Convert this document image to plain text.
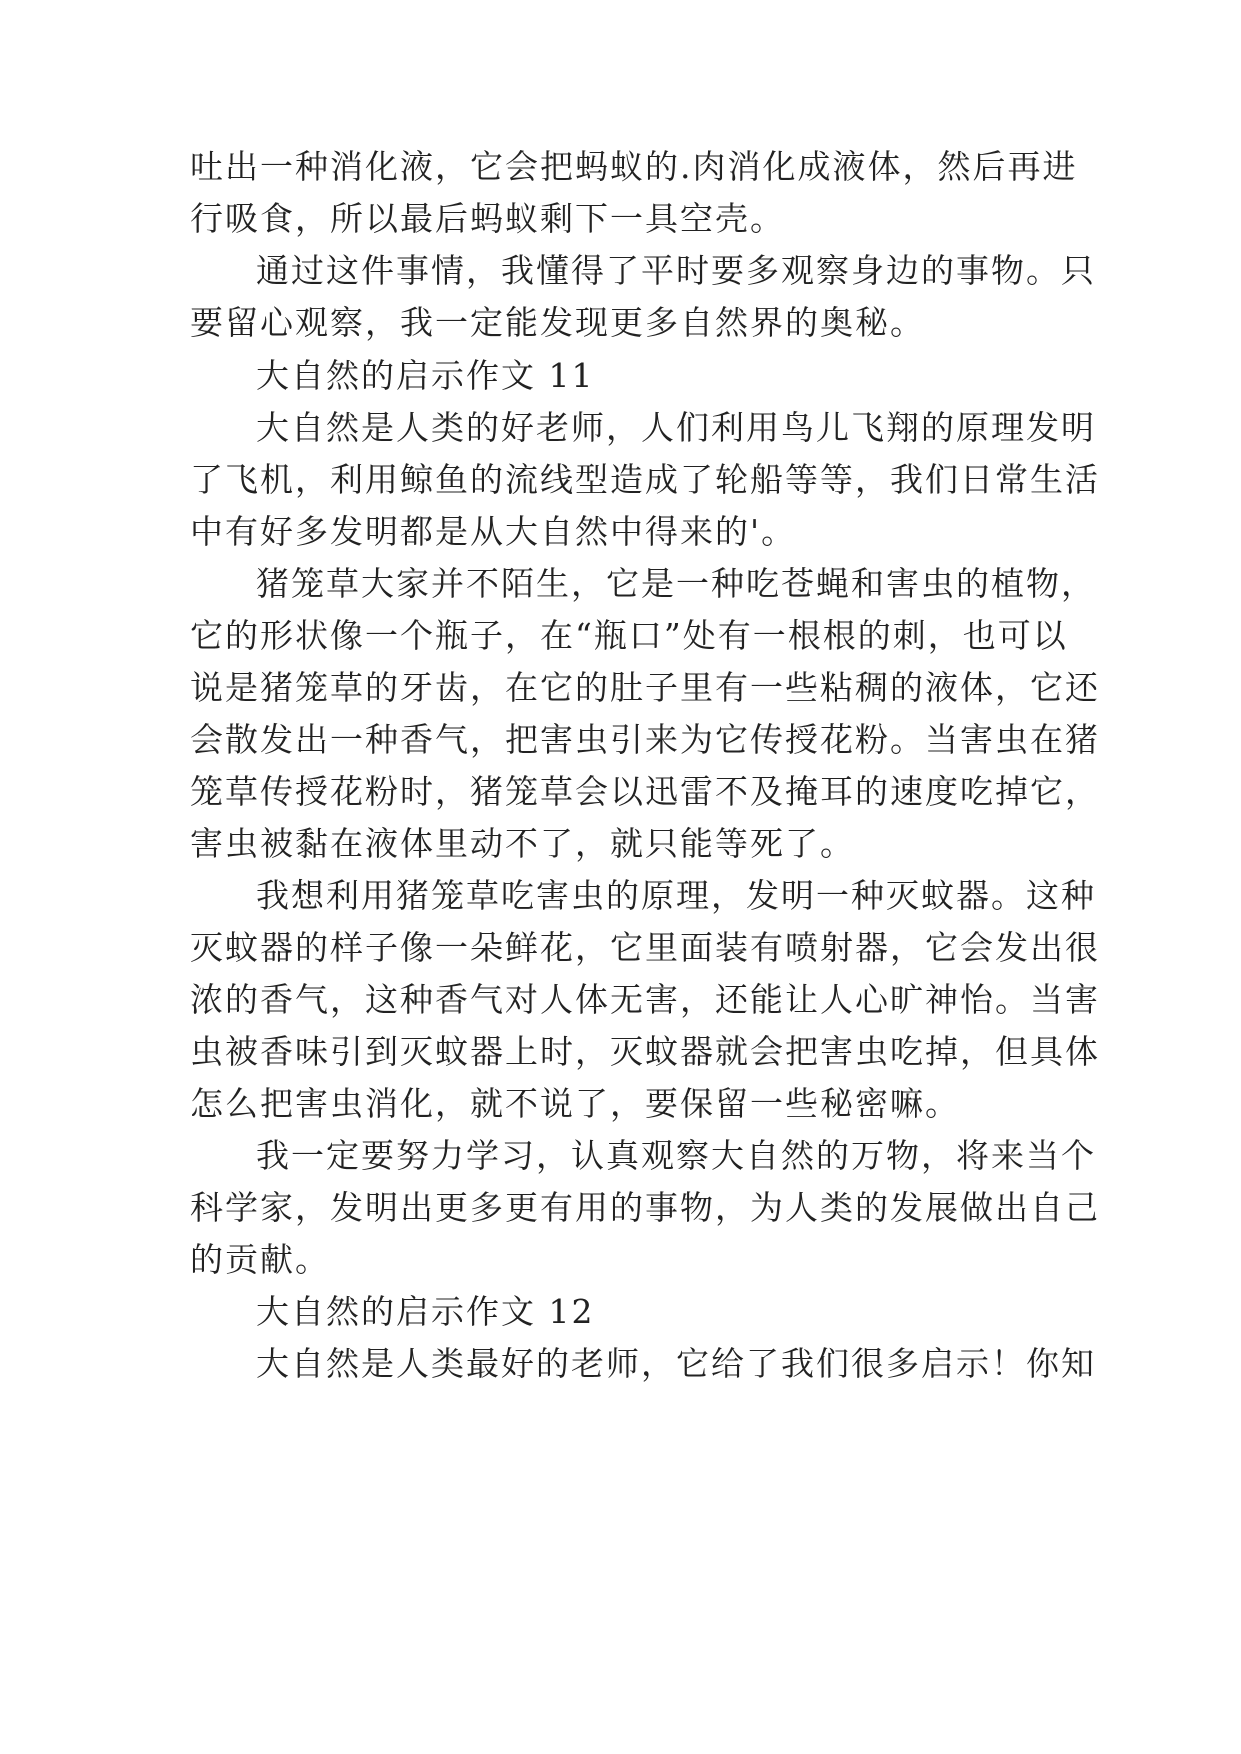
吐出一种消化液，它会把蚂蚁的.肉消化成液体，然后再进
行吸食，所以最后蚂蚁剩下一具空壳。
通过这件事情，我懂得了平时要多观察身边的事物。只
要留心观察，我一定能发现更多自然界的奥秘。
大自然的启示作文 11
大自然是人类的好老师，人们利用鸟儿飞翔的原理发明
了飞机，利用鲸鱼的流线型造成了轮船等等，我们日常生活
中有好多发明都是从大自然中得来的'。
猪笼草大家并不陌生，它是一种吃苍蝇和害虫的植物，
它的形状像一个瓶子，在“瓶口”处有一根根的刺，也可以
说是猪笼草的牙齿，在它的肚子里有一些粘稠的液体，它还
会散发出一种香气，把害虫引来为它传授花粉。当害虫在猪
笼草传授花粉时，猪笼草会以迅雷不及掩耳的速度吃掉它，
害虫被黏在液体里动不了，就只能等死了。
我想利用猪笼草吃害虫的原理，发明一种灭蚊器。这种
灭蚊器的样子像一朵鲜花，它里面装有喷射器，它会发出很
浓的香气，这种香气对人体无害，还能让人心旷神怡。当害
虫被香味引到灭蚊器上时，灭蚊器就会把害虫吃掉，但具体
怎么把害虫消化，就不说了，要保留一些秘密嘛。
我一定要努力学习，认真观察大自然的万物，将来当个
科学家，发明出更多更有用的事物，为人类的发展做出自己
的贡献。
大自然的启示作文 12
大自然是人类最好的老师，它给了我们很多启示！你知
